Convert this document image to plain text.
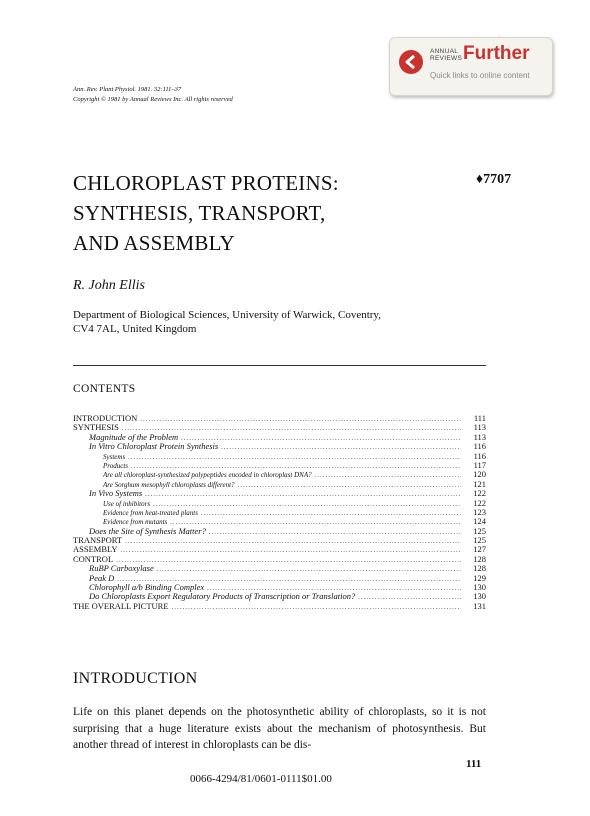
Ann. Rev. Plant Physiol. 1981. 32:111–37
Copyright © 1981 by Annual Reviews Inc. All rights reserved
ANNUAL
REVIEWS Further
Quick links to online content
CHLOROPLAST PROTEINS:
SYNTHESIS, TRANSPORT,
AND ASSEMBLY
♦7707
R. John Ellis
Department of Biological Sciences, University of Warwick, Coventry,
CV4 7AL, United Kingdom
CONTENTS
INTRODUCTION .....	111
SYNTHESIS .....	113
Magnitude of the Problem .....	113
In Vitro Chloroplast Protein Synthesis .....	116
Systems .....	116
Products .....	117
Are all chloroplast-synthesized polypeptides encoded in chloroplast DNA? .....	120
Are Sorghum mesophyll chloroplasts different? .....	121
In Vivo Systems .....	122
Use of inhibitors .....	122
Evidence from heat-treated plants .....	123
Evidence from mutants .....	124
Does the Site of Synthesis Matter? .....	125
TRANSPORT .....	125
ASSEMBLY .....	127
CONTROL .....	128
RuBP Carboxylase .....	128
Peak D .....	129
Chlorophyll a/b Binding Complex .....	130
Do Chloroplasts Export Regulatory Products of Transcription or Translation? .....	130
THE OVERALL PICTURE .....	131
INTRODUCTION
Life on this planet depends on the photosynthetic ability of chloroplasts, so it is not surprising that a huge literature exists about the mechanism of photosynthesis. But another thread of interest in chloroplasts can be dis-
111
0066-4294/81/0601-0111$01.00
